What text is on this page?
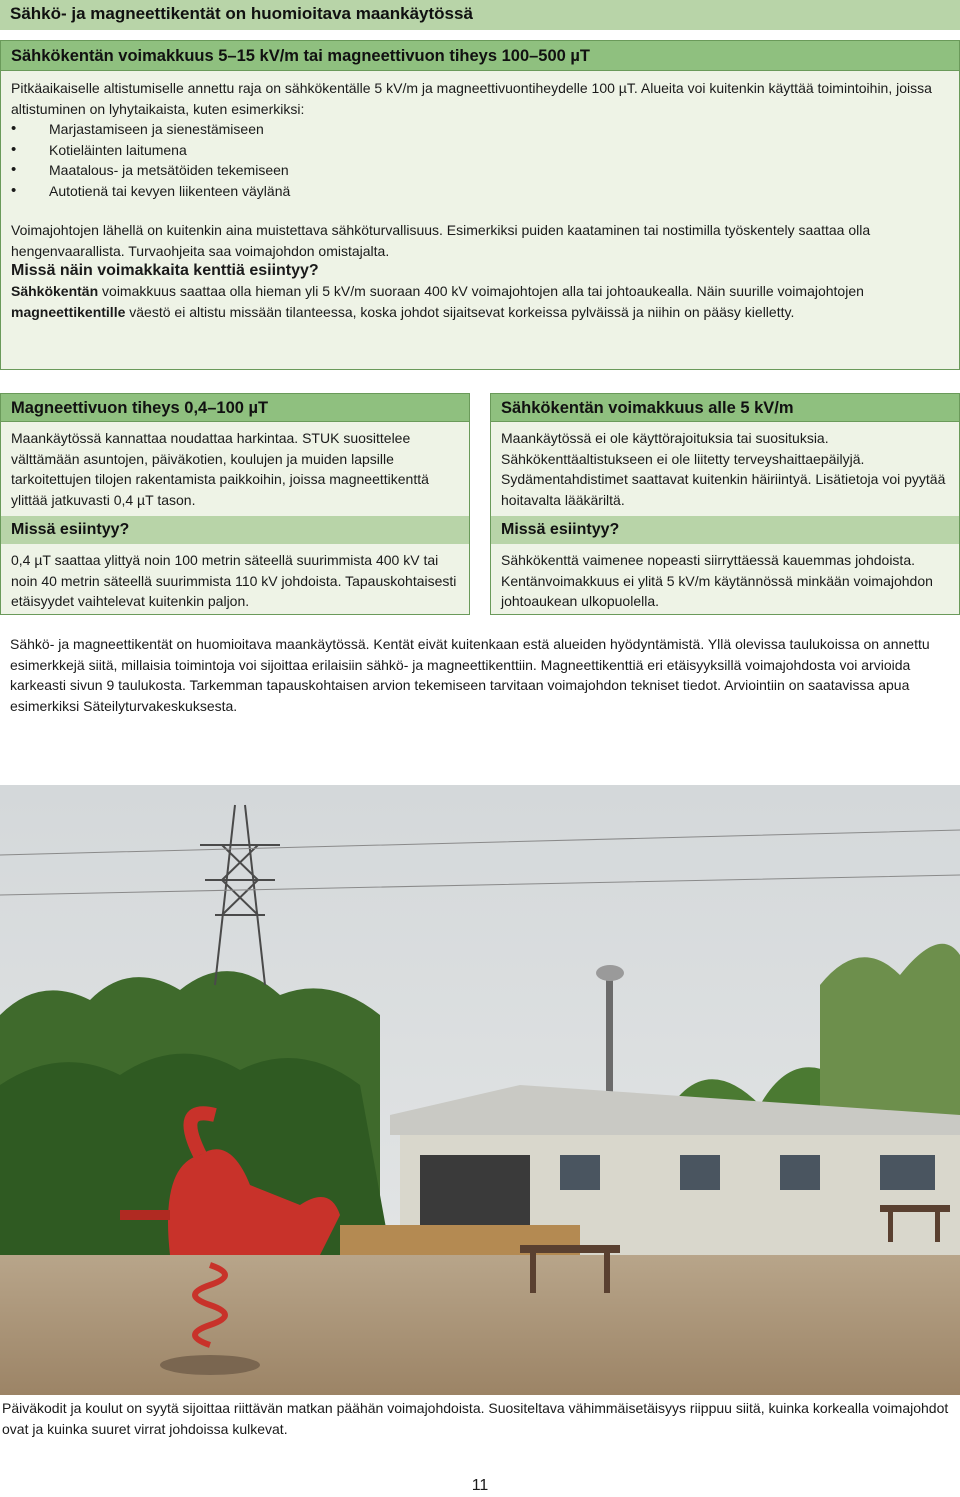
Sähkö- ja magneettikentät on huomioitava maankäytössä
Sähkökentän voimakkuus 5–15 kV/m tai magneettivuon tiheys 100–500 µT

Pitkäaikaiselle altistumiselle annettu raja on sähkökentälle 5 kV/m ja magneettivuontiheydelle 100 µT. Alueita voi kuitenkin käyttää toimintoihin, joissa altistuminen on lyhytaikaista, kuten esimerkiksi:

• Marjastamiseen ja sienestämiseen
• Kotieläinten laitumena
• Maatalous- ja metsätöiden tekemiseen
• Autotienä tai kevyen liikenteen väylänä

Voimajohtojen lähellä on kuitenkin aina muistettava sähköturvallisuus. Esimerkiksi puiden kaataminen tai nostimilla työskentely saattaa olla hengenvaarallista. Turvaohjeita saa voimajohdon omistajalta.

Missä näin voimakkaita kenttiä esiintyy?

Sähkökentän voimakkuus saattaa olla hieman yli 5 kV/m suoraan 400 kV voimajohtojen alla tai johtoaukealla. Näin suurille voimajohtojen magneettikentille väestö ei altistu missään tilanteessa, koska johdot sijaitsevat korkeissa pylväissä ja niihin on pääsy kielletty.

Magneettivuon tiheys 0,4–100 µT
Maankäytössä kannattaa noudattaa harkintaa. STUK suosittelee välttämään asuntojen, päiväkotien, koulujen ja muiden lapsille tarkoitettujen tilojen rakentamista paikkoihin, joissa magneettikenttä ylittää jatkuvasti 0,4 µT tason.
Missä esiintyy?
0,4 µT saattaa ylittyä noin 100 metrin säteellä suurimmista 400 kV tai noin 40 metrin säteellä suurimmista 110 kV johdoista. Tapauskohtaisesti etäisyydet vaihtelevat kuitenkin paljon.
Sähkökentän voimakkuus alle 5 kV/m
Maankäytössä ei ole käyttörajoituksia tai suosituksia. Sähkökenttäaltistukseen ei ole liitetty terveyshaittaepäilyjä. Sydämentahdistimet saattavat kuitenkin häiriintyä. Lisätietoja voi pyytää hoitavalta lääkäriltä.
Missä esiintyy?
Sähkökenttä vaimenee nopeasti siirryttäessä kauemmas johdoista. Kentänvoimakkuus ei ylitä 5 kV/m käytännössä minkään voimajohdon johtoaukean ulkopuolella.

Sähkö- ja magneettikentät on huomioitava maankäytössä. Kentät eivät kuitenkaan estä alueiden hyödyntämistä. Yllä olevissa taulukoissa on annettu esimerkkejä siitä, millaisia toimintoja voi sijoittaa erilaisiin sähkö- ja magneettikenttiin. Magneettikenttiä eri etäisyyksillä voimajohdosta voi arvioida karkeasti sivun 9 taulukosta. Tarkemman tapauskohtaisen arvion tekemiseen tarvitaan voimajohdon tekniset tiedot. Arviointiin on saatavissa apua esimerkiksi Säteilyturvakeskuksesta.

Päiväkodit ja koulut on syytä sijoittaa riittävän matkan päähän voimajohdoista. Suositeltava vähimmäisetäisyys riippuu siitä, kuinka korkealla voimajohdot ovat ja kuinka suuret virrat johdoissa kulkevat.

11
